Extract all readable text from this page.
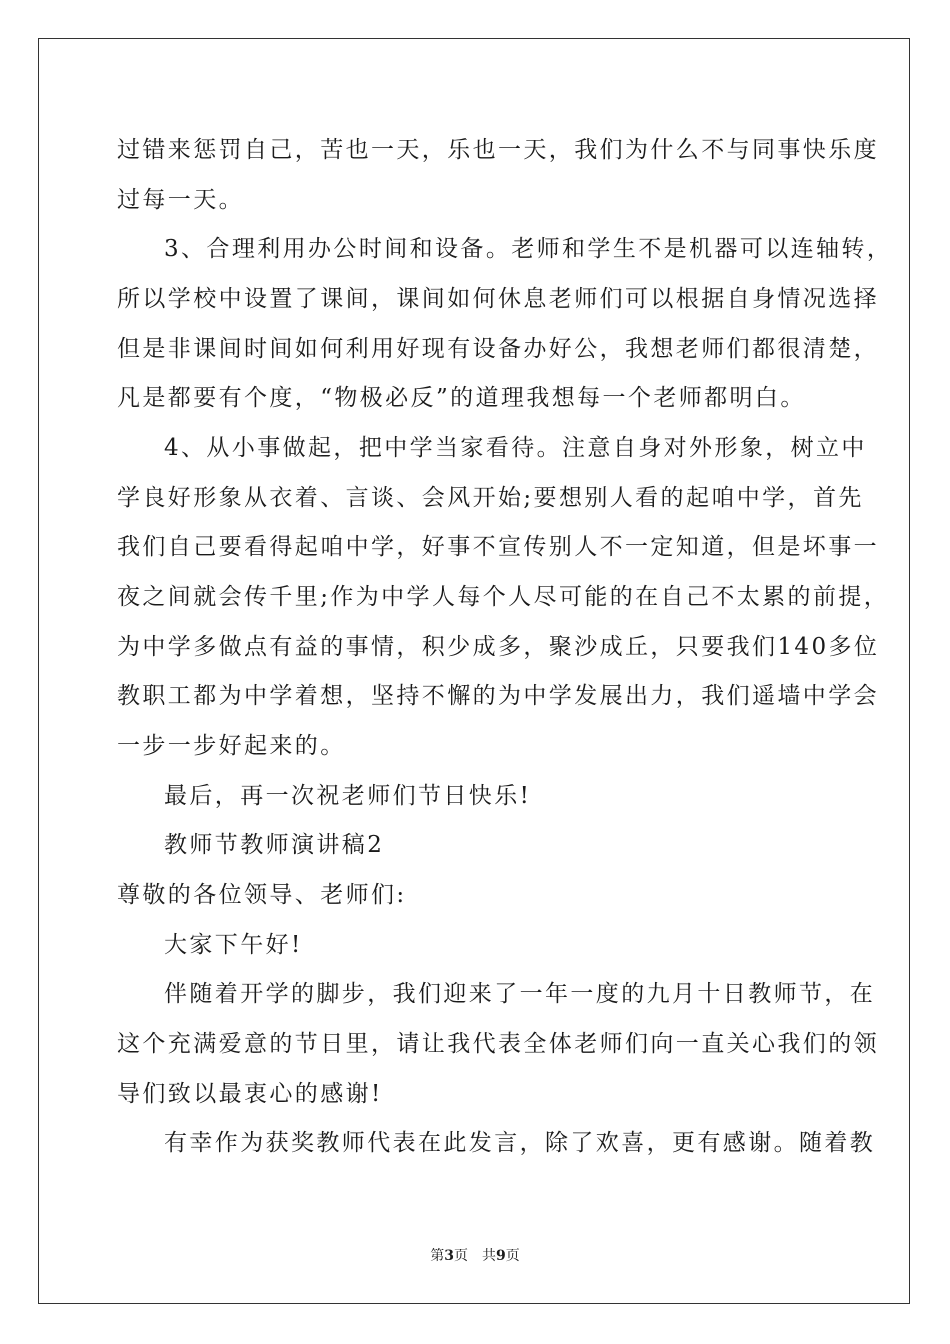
过错来惩罚自己，苦也一天，乐也一天，我们为什么不与同事快乐度
过每一天。
3、合理利用办公时间和设备。老师和学生不是机器可以连轴转，
所以学校中设置了课间，课间如何休息老师们可以根据自身情况选择
但是非课间时间如何利用好现有设备办好公，我想老师们都很清楚，
凡是都要有个度，“物极必反”的道理我想每一个老师都明白。
4、从小事做起，把中学当家看待。注意自身对外形象，树立中
学良好形象从衣着、言谈、会风开始;要想别人看的起咱中学，首先
我们自己要看得起咱中学，好事不宣传别人不一定知道，但是坏事一
夜之间就会传千里;作为中学人每个人尽可能的在自己不太累的前提，
为中学多做点有益的事情，积少成多，聚沙成丘，只要我们140多位
教职工都为中学着想，坚持不懈的为中学发展出力，我们遥墙中学会
一步一步好起来的。
最后，再一次祝老师们节日快乐!
教师节教师演讲稿2
尊敬的各位领导、老师们:
大家下午好!
伴随着开学的脚步，我们迎来了一年一度的九月十日教师节，在
这个充满爱意的节日里，请让我代表全体老师们向一直关心我们的领
导们致以最衷心的感谢!
有幸作为获奖教师代表在此发言，除了欢喜，更有感谢。随着教
第3页 共9页
